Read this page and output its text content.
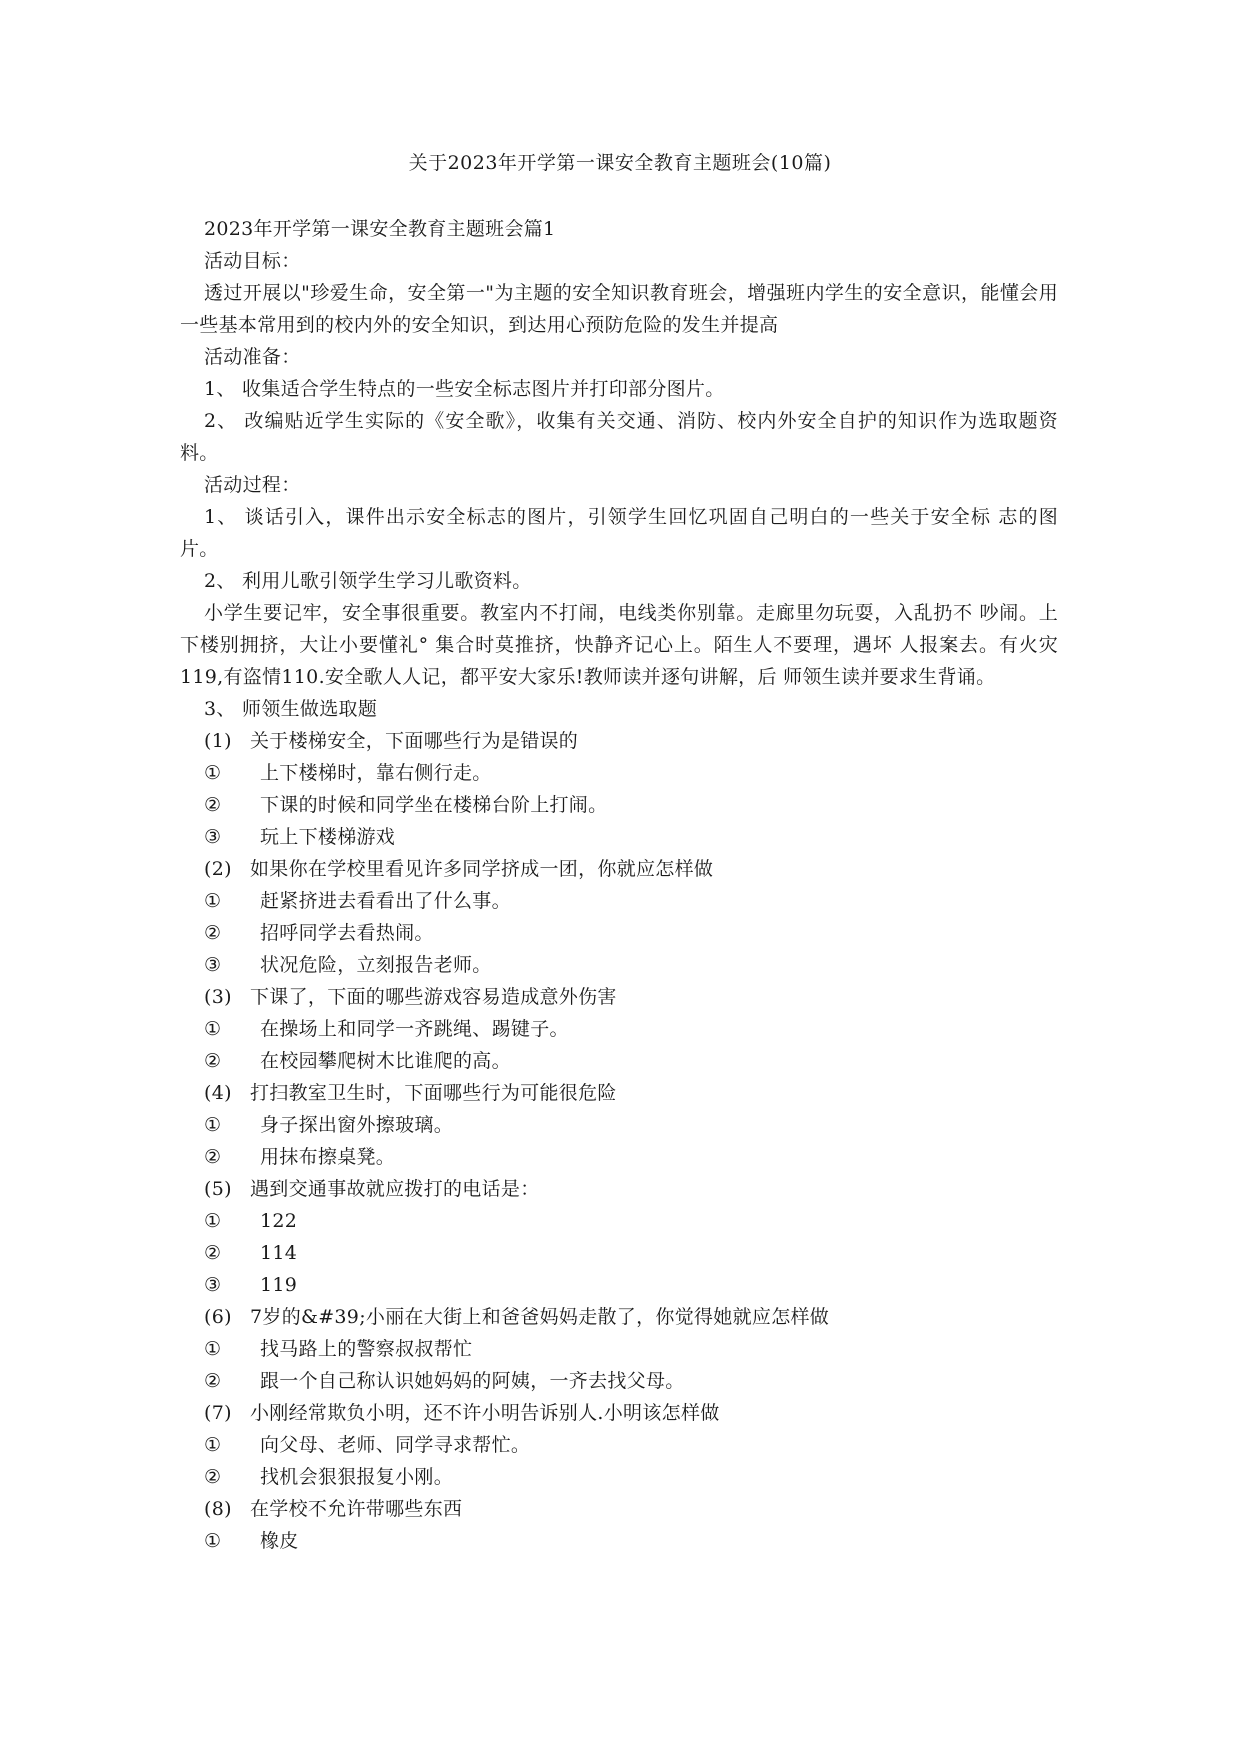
关于2023年开学第一课安全教育主题班会(10篇)
2023年开学第一课安全教育主题班会篇1
活动目标：
透过开展以"珍爱生命，安全第一"为主题的安全知识教育班会，增强班内学生的安全意识，能懂会用一些基本常用到的校内外的安全知识，到达用心预防危险的发生并提高
活动准备：
1、 收集适合学生特点的一些安全标志图片并打印部分图片。
2、 改编贴近学生实际的《安全歌》，收集有关交通、消防、校内外安全自护的知识作为选取题资料。
活动过程：
1、 谈话引入，课件出示安全标志的图片，引领学生回忆巩固自己明白的一些关于安全标 志的图片。
2、 利用儿歌引领学生学习儿歌资料。
小学生要记牢，安全事很重要。教室内不打闹，电线类你别靠。走廊里勿玩耍，入乱扔不 吵闹。上下楼别拥挤，大让小要懂礼° 集合时莫推挤，快静齐记心上。陌生人不要理，遇坏 人报案去。有火灾119,有盗情110.安全歌人人记，都平安大家乐!教师读并逐句讲解，后 师领生读并要求生背诵。
3、 师领生做选取题
(1) 关于楼梯安全，下面哪些行为是错误的
①	上下楼梯时，靠右侧行走。
②	下课的时候和同学坐在楼梯台阶上打闹。
③	玩上下楼梯游戏
(2) 如果你在学校里看见许多同学挤成一团，你就应怎样做
①	赶紧挤进去看看出了什么事。
②	招呼同学去看热闹。
③	状况危险，立刻报告老师。
(3) 下课了，下面的哪些游戏容易造成意外伤害
①	在操场上和同学一齐跳绳、踢键子。
②	在校园攀爬树木比谁爬的高。
(4) 打扫教室卫生时，下面哪些行为可能很危险
①	身子探出窗外擦玻璃。
②	用抹布擦桌凳。
(5) 遇到交通事故就应拨打的电话是：
①	122
②	114
③	119
(6) 7岁的&#39;小丽在大街上和爸爸妈妈走散了，你觉得她就应怎样做
①	找马路上的警察叔叔帮忙
②	跟一个自己称认识她妈妈的阿姨，一齐去找父母。
(7) 小刚经常欺负小明，还不许小明告诉别人.小明该怎样做
①	向父母、老师、同学寻求帮忙。
②	找机会狠狠报复小刚。
(8) 在学校不允许带哪些东西
①	橡皮
